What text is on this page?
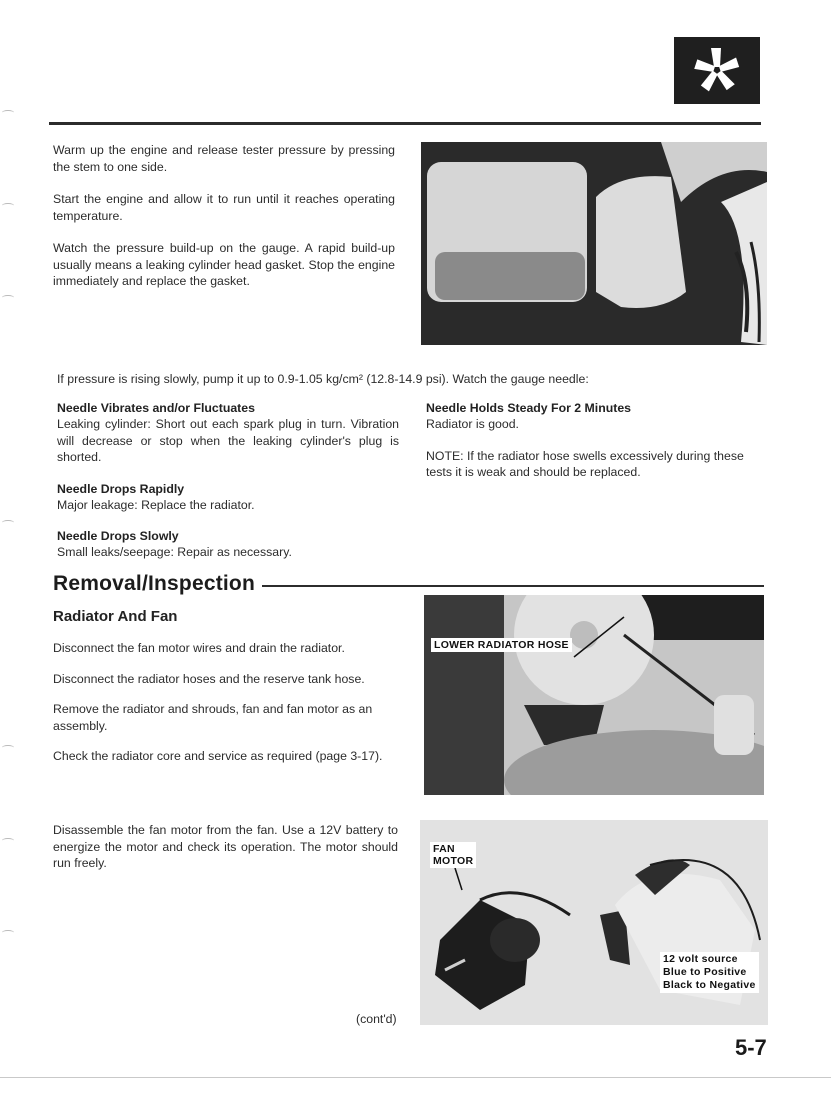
Warm up the engine and release tester pressure by pressing the stem to one side.

Start the engine and allow it to run until it reaches operating temperature.

Watch the pressure build-up on the gauge. A rapid build-up usually means a leaking cylinder head gasket. Stop the engine immediately and replace the gasket.

If pressure is rising slowly, pump it up to 0.9-1.05 kg/cm² (12.8-14.9 psi). Watch the gauge needle:

Needle Vibrates and/or Fluctuates

Leaking cylinder: Short out each spark plug in turn. Vibration will decrease or stop when the leaking cylinder's plug is shorted.

Needle Drops Rapidly

Major leakage: Replace the radiator.

Needle Drops Slowly

Small leaks/seepage: Repair as necessary.

Needle Holds Steady For 2 Minutes

Radiator is good.

NOTE: If the radiator hose swells excessively during these tests it is weak and should be replaced.

Removal/Inspection
Radiator And Fan

Disconnect the fan motor wires and drain the radiator.

Disconnect the radiator hoses and the reserve tank hose.

Remove the radiator and shrouds, fan and fan motor as an assembly.

Check the radiator core and service as required (page 3-17).

LOWER RADIATOR HOSE

Disassemble the fan motor from the fan. Use a 12V battery to energize the motor and check its operation. The motor should run freely.

FAN
MOTOR
12 volt source
Blue to Positive
Black to Negative

(cont'd)

5-7
